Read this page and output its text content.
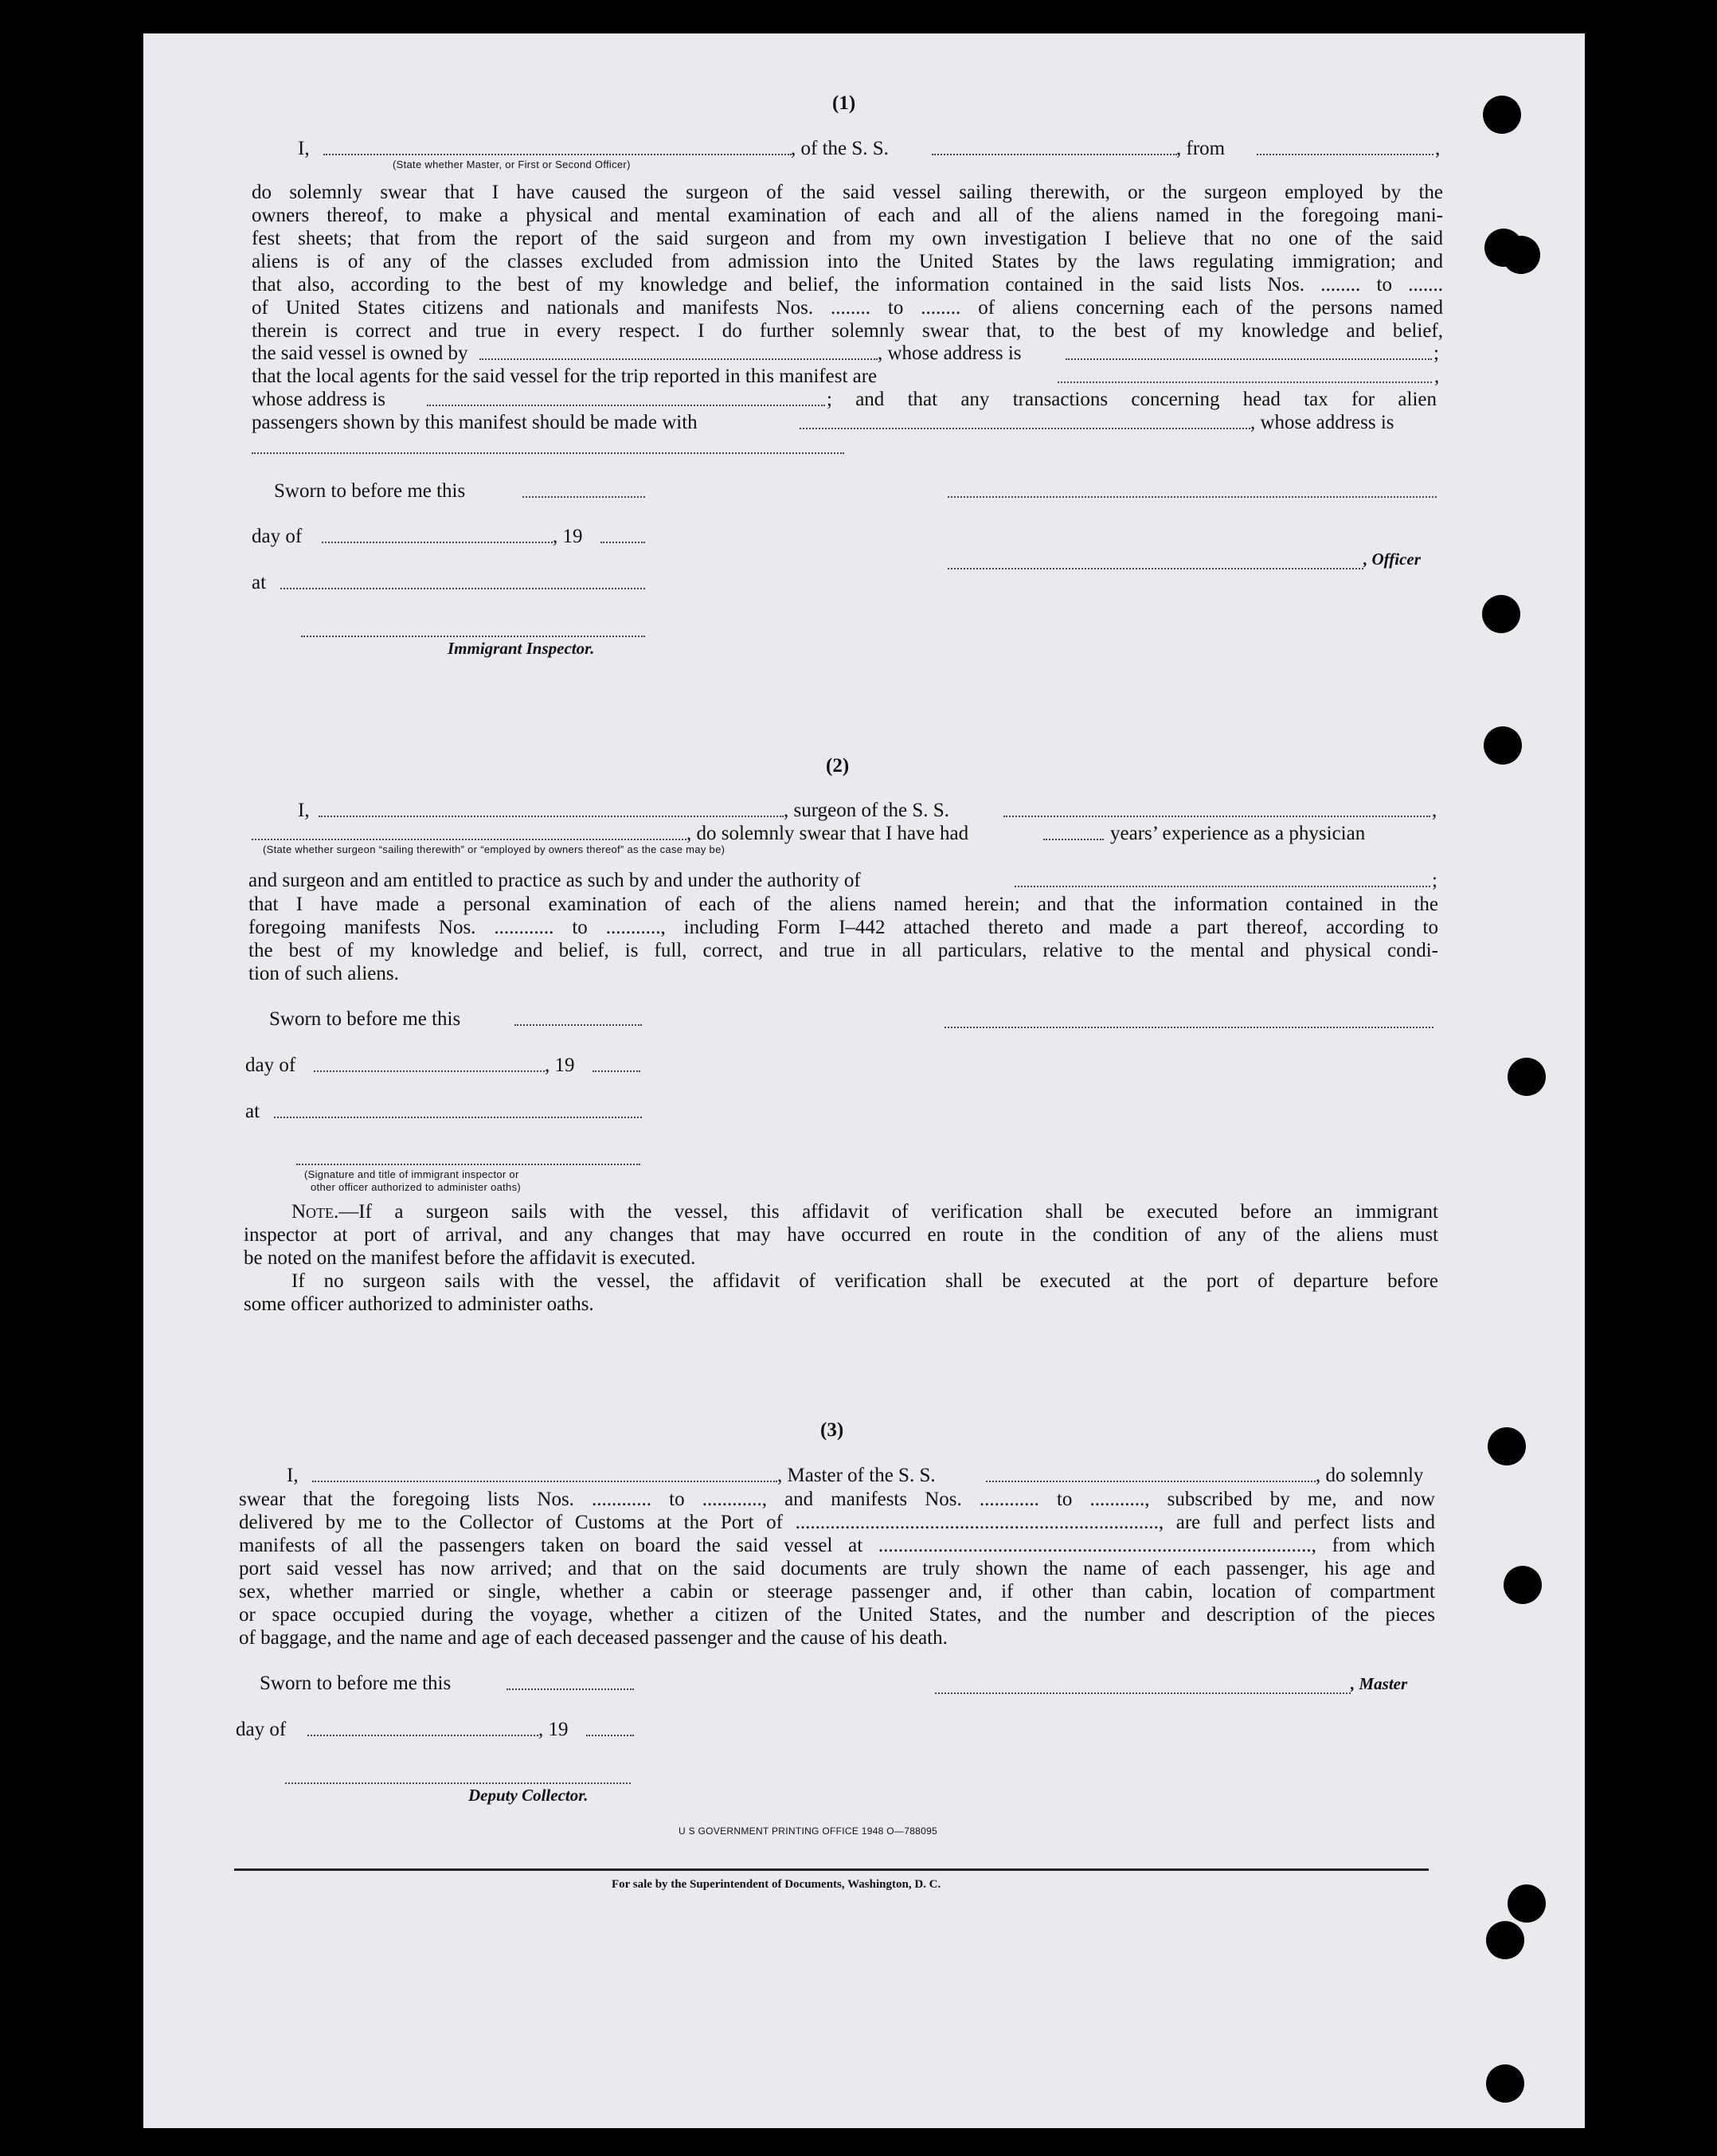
(1)
I,	, of the S. S.	, from	,
(State whether Master, or First or Second Officer)

do solemnly swear that I have caused the surgeon of the said vessel sailing therewith, or the surgeon employed by the

owners thereof, to make a physical and mental examination of each and all of the aliens named in the foregoing mani-

fest sheets; that from the report of the said surgeon and from my own investigation I believe that no one of the said

aliens is of any of the classes excluded from admission into the United States by the laws regulating immigration; and

that also, according to the best of my knowledge and belief, the information contained in the said lists Nos. ........ to .......

of United States citizens and nationals and manifests Nos. ........ to ........ of aliens concerning each of the persons named

therein is correct and true in every respect. I do further solemnly swear that, to the best of my knowledge and belief,

the said vessel is owned by	, whose address is	;
that the local agents for the said vessel for the trip reported in this manifest are	,
whose address is	; and that any transactions concerning head tax for alien
passengers shown by this manifest should be made with	, whose address is
Sworn to before me this
day of	, 19
, Officer
at
Immigrant Inspector.
(2)
I,	, surgeon of the S. S.	,
, do solemnly swear that I have had	years’ experience as a physician
(State whether surgeon “sailing therewith” or “employed by owners thereof” as the case may be)
and surgeon and am entitled to practice as such by and under the authority of	;

that I have made a personal examination of each of the aliens named herein; and that the information contained in the

foregoing manifests Nos. ............ to ..........., including Form I–442 attached thereto and made a part thereof, according to

the best of my knowledge and belief, is full, correct, and true in all particulars, relative to the mental and physical condi-

tion of such aliens.

Sworn to before me this
day of	, 19
at
(Signature and title of immigrant inspector or
other officer authorized to administer oaths)

Note.—If a surgeon sails with the vessel, this affidavit of verification shall be executed before an immigrant

inspector at port of arrival, and any changes that may have occurred en route in the condition of any of the aliens must

be noted on the manifest before the affidavit is executed.

If no surgeon sails with the vessel, the affidavit of verification shall be executed at the port of departure before

some officer authorized to administer oaths.

(3)
I,	, Master of the S. S.	, do solemnly

swear that the foregoing lists Nos. ............ to ............, and manifests Nos. ............ to ..........., subscribed by me, and now

delivered by me to the Collector of Customs at the Port of ........................................................................., are full and perfect lists and

manifests of all the passengers taken on board the said vessel at ......................................................................................., from which

port said vessel has now arrived; and that on the said documents are truly shown the name of each passenger, his age and

sex, whether married or single, whether a cabin or steerage passenger and, if other than cabin, location of compartment

or space occupied during the voyage, whether a citizen of the United States, and the number and description of the pieces

of baggage, and the name and age of each deceased passenger and the cause of his death.

Sworn to before me this	, Master
day of	, 19
Deputy Collector.
U S GOVERNMENT PRINTING OFFICE 1948 O—788095
For sale by the Superintendent of Documents, Washington, D. C.
